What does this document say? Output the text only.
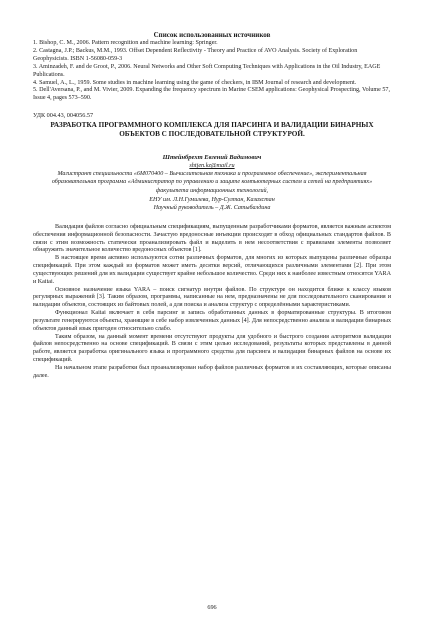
Список использованных источников

1. Bishop, C. M., 2006. Pattern recognition and machine learning: Springer.

2. Castagna, J.P.; Backus, M.M., 1993. Offset Dependent Reflectivity - Theory and Practice of AVO Analysis. Society of Exploration Geophysicists. ISBN 1-56080-059-3

3. Aminzadeh, F. and de Groot, P., 2006. Neural Networks and Other Soft Computing Techniques with Applications in the Oil Industry, EAGE Publications.

4. Samuel, A., L., 1959. Some studies in machine learning using the game of checkers, in IBM Journal of research and development.

5. Dell'Aversana, P., and M. Vivier, 2009. Expanding the frequency spectrum in Marine CSEM applications: Geophysical Prospecting, Volume 57, Issue 4, pages 573–590.

УДК 004.43, 004056.57
РАЗРАБОТКА ПРОГРАММНОГО КОМПЛЕКСА ДЛЯ ПАРСИНГА И ВАЛИДАЦИИ БИНАРНЫХ ОБЪЕКТОВ С ПОСЛЕДОВАТЕЛЬНОЙ СТРУКТУРОЙ.
Штейнбрехт Евгений Вадимович
shtjen.kz@mail.ru
Магистрант специальности «6М070400 – Вычислительная техника и программное обеспечение», экспериментальная образовательная программа «Администратор по управлению и защите компьютерных систем и сетей на предприятиях»
факультета информационных технологий,
ЕНУ им. Л.Н.Гумилева, Нур-Султан, Казахстан
Научный руководитель – Д.Ж. Сатыбалдина

Валидация файлов согласно официальным спецификациям, выпущенным разработчиками форматов, является важным аспектом обеспечения информационной безопасности. Зачастую вредоносные инъекции происходят в обход официальных стандартов файлов. В связи с этим возможность статически проанализировать файл и выделить в нем несоответствия с правилами элементы позволяет обнаружить значительное количество вредоносных объектов [1].

В настоящее время активно используются сотни различных форматов, для многих из которых выпущены различные образцы спецификаций. При этом каждый из форматов может иметь десятки версий, отличающихся различными элементами [2]. При этом существующих решений для их валидации существует крайне небольшое количество. Среди них к наиболее известным относятся YARA и Kaitai.

Основное назначение языка YARA – поиск сигнатур внутри файлов. По структуре он находится ближе к классу языков регулярных выражений [3]. Таким образом, программы, написанные на нем, предназначены не для последовательного сканирования и валидации объектов, состоящих из байтовых полей, а для поиска и анализа структур с определёнными характеристиками.

Функционал Kaitai включает в себя парсинг и запись обработанных данных в форматированные структуры. В итоговом результате генерируются объекты, хранящие в себе набор извлеченных данных [4]. Для непосредственно анализа и валидации бинарных объектов данный язык пригоден относительно слабо.

Таким образом, на данный момент времени отсутствуют продукты для удобного и быстрого создания алгоритмов валидации файлов непосредственно на основе спецификаций. В связи с этим целью исследований, результаты которых представлены в данной работе, является разработка оригинального языка и программного средства для парсинга и валидации бинарных файлов на основе их спецификаций.

На начальном этапе разработки был проанализирован набор файлов различных форматов и их составляющих, которые описаны далее.

696
